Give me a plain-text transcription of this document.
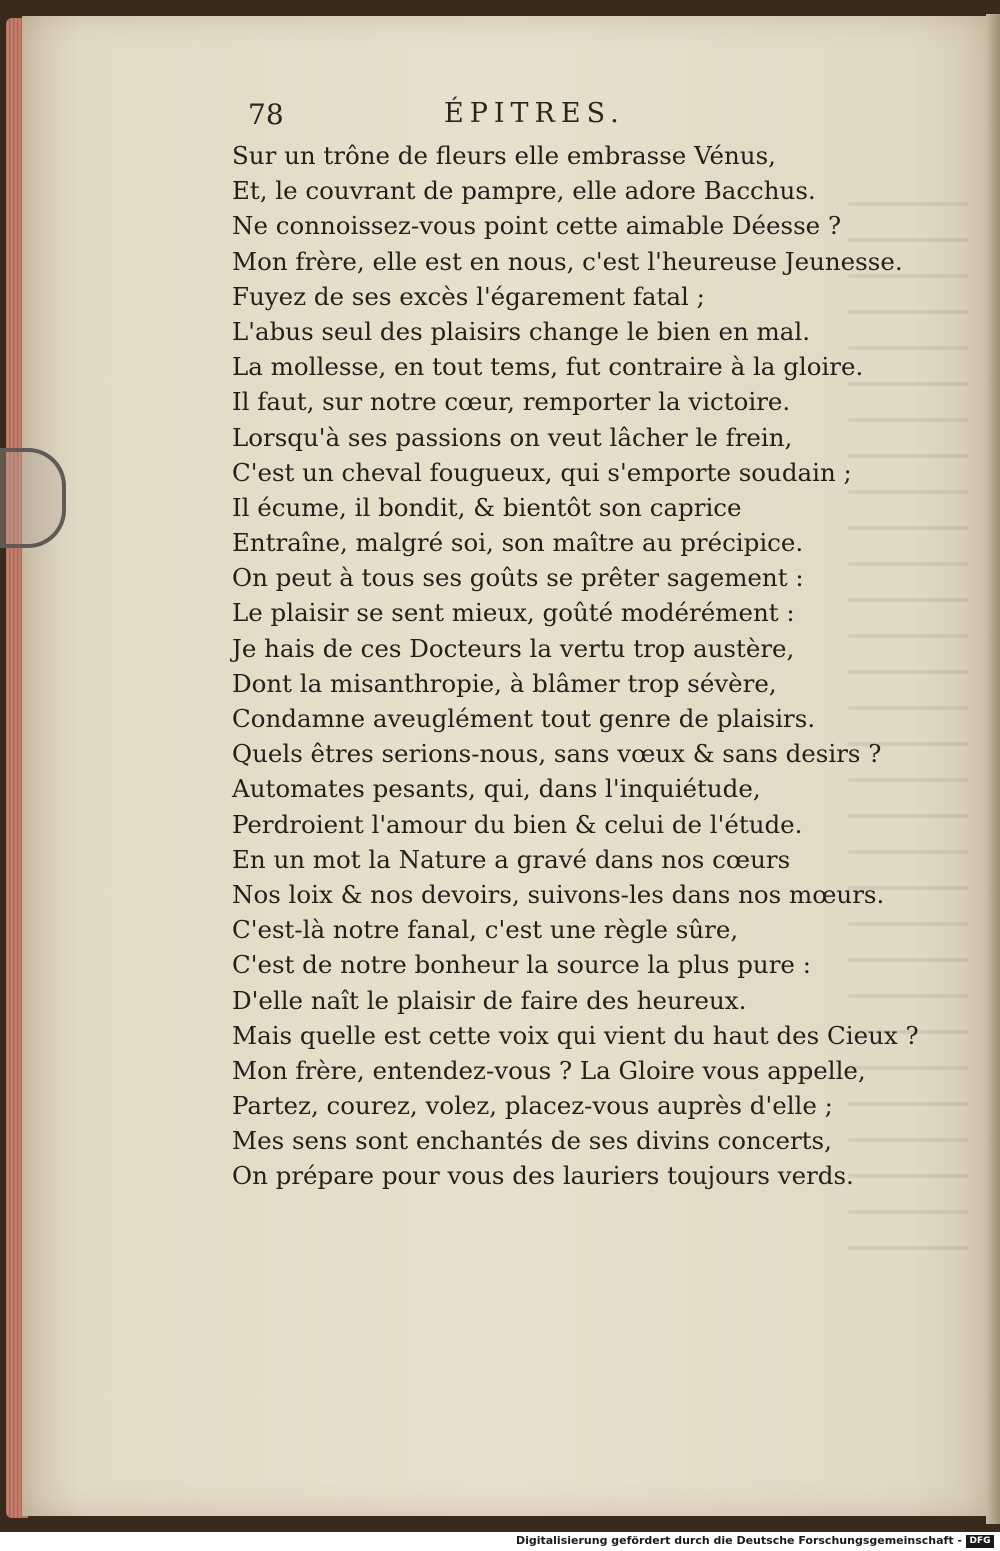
78	ÉPITRES.
Sur un trône de fleurs elle embrasse Vénus,
Et, le couvrant de pampre, elle adore Bacchus.
Ne connoissez-vous point cette aimable Déesse ?
Mon frère, elle est en nous, c'est l'heureuse Jeunesse.
Fuyez de ses excès l'égarement fatal ;
L'abus seul des plaisirs change le bien en mal.
La mollesse, en tout tems, fut contraire à la gloire.
Il faut, sur notre cœur, remporter la victoire.
Lorsqu'à ses passions on veut lâcher le frein,
C'est un cheval fougueux, qui s'emporte soudain ;
Il écume, il bondit, & bientôt son caprice
Entraîne, malgré soi, son maître au précipice.
On peut à tous ses goûts se prêter sagement :
Le plaisir se sent mieux, goûté modérément :
Je hais de ces Docteurs la vertu trop austère,
Dont la misanthropie, à blâmer trop sévère,
Condamne aveuglément tout genre de plaisirs.
Quels êtres serions-nous, sans vœux & sans desirs ?
Automates pesants, qui, dans l'inquiétude,
Perdroient l'amour du bien & celui de l'étude.
En un mot la Nature a gravé dans nos cœurs
Nos loix & nos devoirs, suivons-les dans nos mœurs.
C'est-là notre fanal, c'est une règle sûre,
C'est de notre bonheur la source la plus pure :
D'elle naît le plaisir de faire des heureux.
Mais quelle est cette voix qui vient du haut des Cieux ?
Mon frère, entendez-vous ? La Gloire vous appelle,
Partez, courez, volez, placez-vous auprès d'elle ;
Mes sens sont enchantés de ses divins concerts,
On prépare pour vous des lauriers toujours verds.
Digitalisierung gefördert durch die Deutsche Forschungsgemeinschaft - DFG
